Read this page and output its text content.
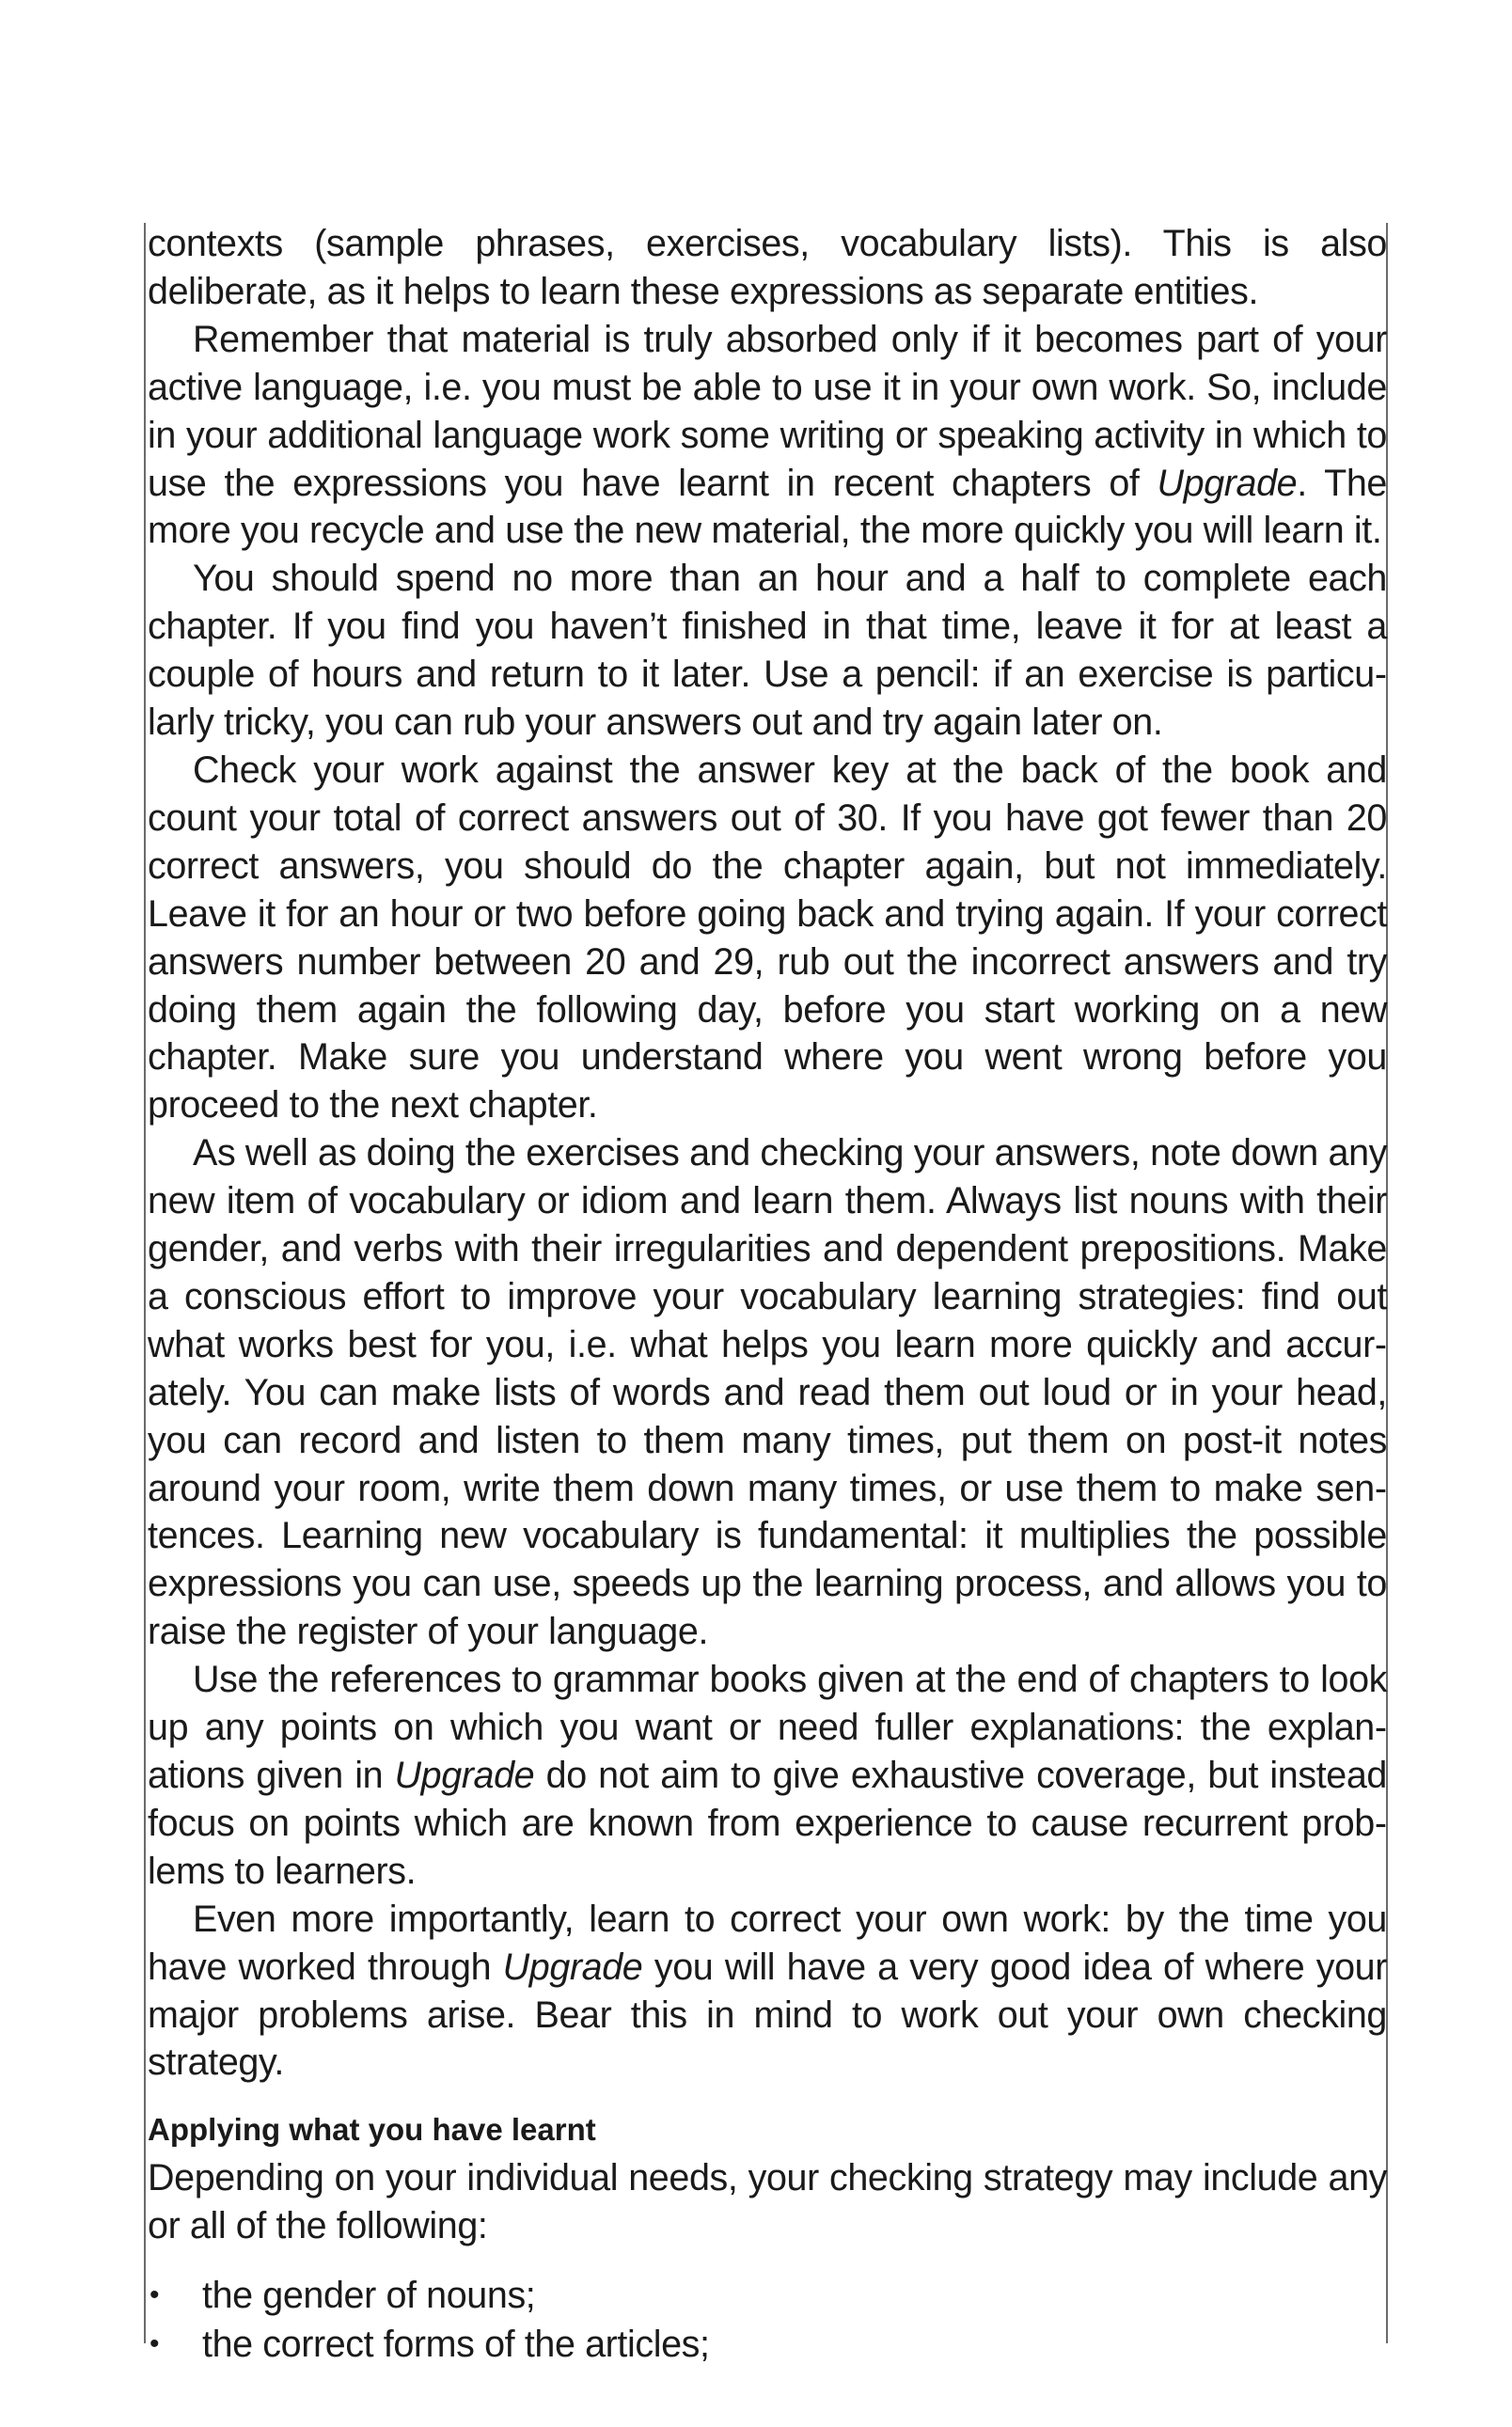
contexts (sample phrases, exercises, vocabulary lists). This is also deliberate, as it helps to learn these expressions as separate entities.

Remember that material is truly absorbed only if it becomes part of your active language, i.e. you must be able to use it in your own work. So, include in your additional language work some writing or speaking activity in which to use the expressions you have learnt in recent chapters of Upgrade. The more you recycle and use the new material, the more quickly you will learn it.

You should spend no more than an hour and a half to complete each chapter. If you find you haven’t finished in that time, leave it for at least a couple of hours and return to it later. Use a pencil: if an exercise is particularly tricky, you can rub your answers out and try again later on.

Check your work against the answer key at the back of the book and count your total of correct answers out of 30. If you have got fewer than 20 correct answers, you should do the chapter again, but not immediately. Leave it for an hour or two before going back and trying again. If your correct answers number between 20 and 29, rub out the incorrect answers and try doing them again the following day, before you start working on a new chapter. Make sure you understand where you went wrong before you proceed to the next chapter.

As well as doing the exercises and checking your answers, note down any new item of vocabulary or idiom and learn them. Always list nouns with their gender, and verbs with their irregularities and dependent prepositions. Make a conscious effort to improve your vocabulary learning strategies: find out what works best for you, i.e. what helps you learn more quickly and accurately. You can make lists of words and read them out loud or in your head, you can record and listen to them many times, put them on post-it notes around your room, write them down many times, or use them to make sentences. Learning new vocabulary is fundamental: it multiplies the possible expressions you can use, speeds up the learning process, and allows you to raise the register of your language.

Use the references to grammar books given at the end of chapters to look up any points on which you want or need fuller explanations: the explanations given in Upgrade do not aim to give exhaustive coverage, but instead focus on points which are known from experience to cause recurrent problems to learners.

Even more importantly, learn to correct your own work: by the time you have worked through Upgrade you will have a very good idea of where your major problems arise. Bear this in mind to work out your own checking strategy.

Applying what you have learnt

Depending on your individual needs, your checking strategy may include any or all of the following:

• the gender of nouns;
• the correct forms of the articles;
